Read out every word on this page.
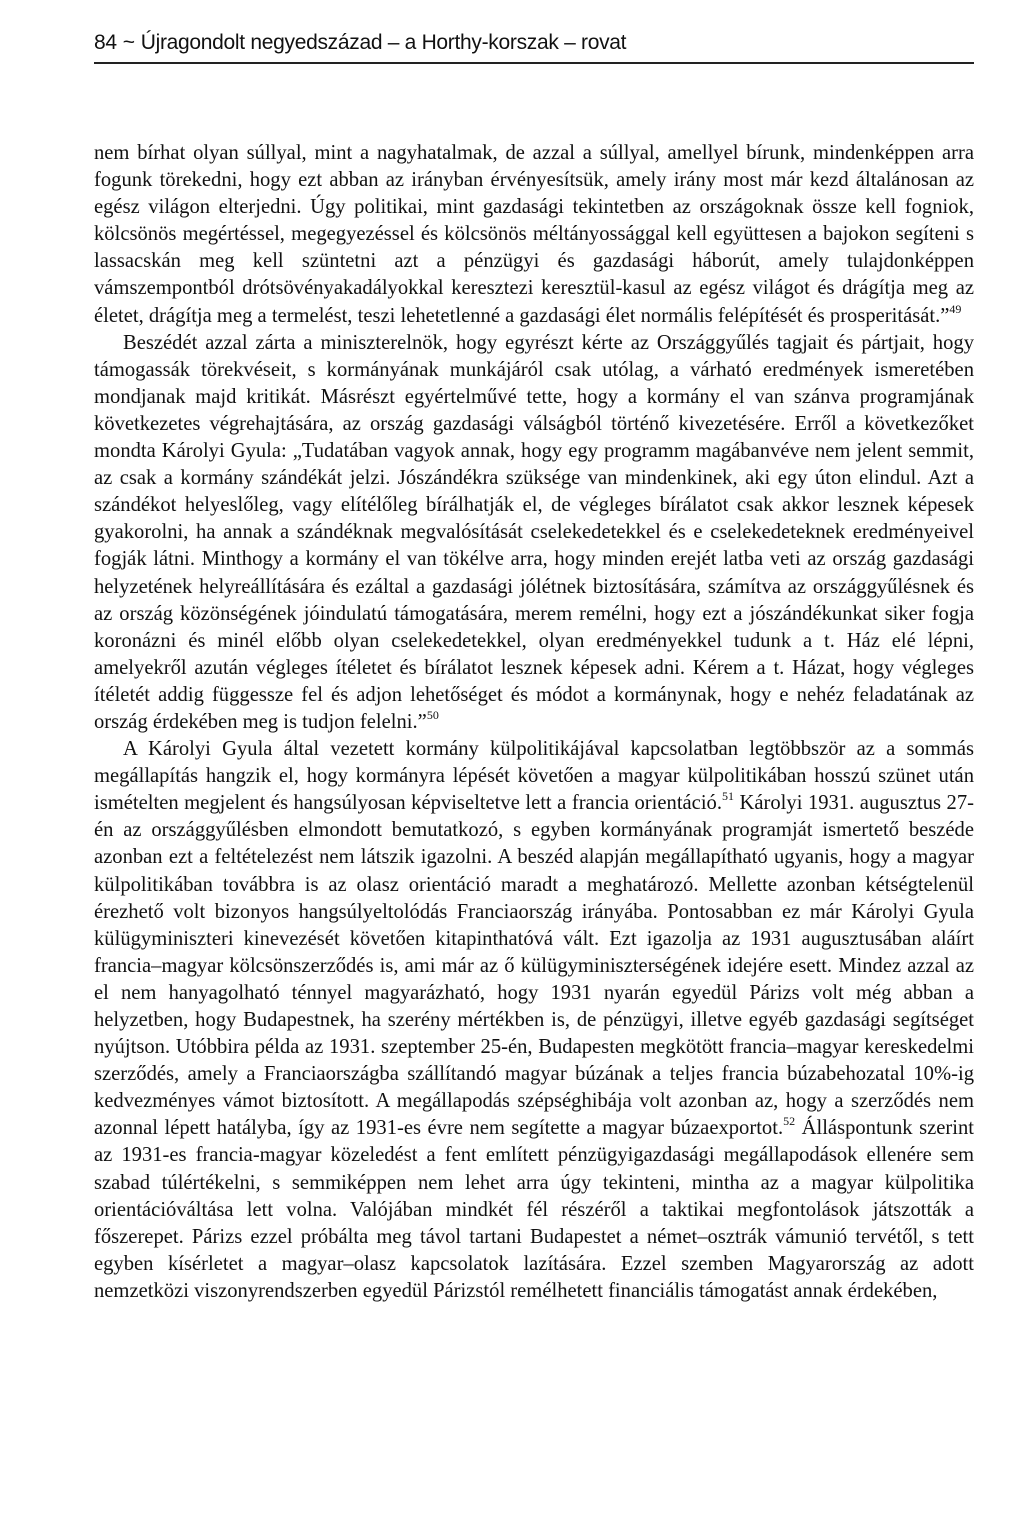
84 ~ Újragondolt negyedszázad – a Horthy-korszak – rovat

nem bírhat olyan súllyal, mint a nagyhatalmak, de azzal a súllyal, amellyel bírunk, mindenképpen arra fogunk törekedni, hogy ezt abban az irányban érvényesítsük, amely irány most már kezd általánosan az egész világon elterjedni. Úgy politikai, mint gazdasági tekintetben az országoknak össze kell fogniok, kölcsönös megértéssel, megegyezéssel és kölcsönös méltányossággal kell együttesen a bajokon segíteni s lassacskán meg kell szüntetni azt a pénzügyi és gazdasági háborút, amely tulajdonképpen vámszempontból drótsövényakadályokkal keresztezi keresztül-kasul az egész világot és drágítja meg az életet, drágítja meg a termelést, teszi lehetetlenné a gazdasági élet normális felépítését és prosperitását.”$^{49}$

Beszédét azzal zárta a miniszterelnök, hogy egyrészt kérte az Országgyűlés tagjait és pártjait, hogy támogassák törekvéseit, s kormányának munkájáról csak utólag, a várható eredmények ismeretében mondjanak majd kritikát. Másrészt egyértelművé tette, hogy a kormány el van szánva programjának következetes végrehajtására, az ország gazdasági válságból történő kivezetésére. Erről a következőket mondta Károlyi Gyula: „Tudatában vagyok annak, hogy egy programm magábanvéve nem jelent semmit, az csak a kormány szándékát jelzi. Jószándékra szüksége van mindenkinek, aki egy úton elindul. Azt a szándékot helyeslőleg, vagy elítélőleg bírálhatják el, de végleges bírálatot csak akkor lesznek képesek gyakorolni, ha annak a szándéknak megvalósítását cselekedetekkel és e cselekedeteknek eredményeivel fogják látni. Minthogy a kormány el van tökélve arra, hogy minden erejét latba veti az ország gazdasági helyzetének helyreállítására és ezáltal a gazdasági jólétnek biztosítására, számítva az országgyűlésnek és az ország közönségének jóindulatú támogatására, merem remélni, hogy ezt a jószándékunkat siker fogja koronázni és minél előbb olyan cselekedetekkel, olyan eredményekkel tudunk a t. Ház elé lépni, amelyekről azután végleges ítéletet és bírálatot lesznek képesek adni. Kérem a t. Házat, hogy végleges ítéletét addig függessze fel és adjon lehetőséget és módot a kormánynak, hogy e nehéz feladatának az ország érdekében meg is tudjon felelni.”$^{50}$

A Károlyi Gyula által vezetett kormány külpolitikájával kapcsolatban legtöbbször az a sommás megállapítás hangzik el, hogy kormányra lépését követően a magyar külpolitikában hosszú szünet után ismételten megjelent és hangsúlyosan képviseltetve lett a francia orientáció.$^{51}$ Károlyi 1931. augusztus 27-én az országgyűlésben elmondott bemutatkozó, s egyben kormányának programját ismertető beszéde azonban ezt a feltételezést nem látszik igazolni. A beszéd alapján megállapítható ugyanis, hogy a magyar külpolitikában továbbra is az olasz orientáció maradt a meghatározó. Mellette azonban kétségtelenül érezhető volt bizonyos hangsúlyeltolódás Franciaország irányába. Pontosabban ez már Károlyi Gyula külügyminiszteri kinevezését követően kitapinthatóvá vált. Ezt igazolja az 1931 augusztusában aláírt francia–magyar kölcsönszerződés is, ami már az ő külügyminiszterségének idejére esett. Mindez azzal az el nem hanyagolható ténnyel magyarázható, hogy 1931 nyarán egyedül Párizs volt még abban a helyzetben, hogy Budapestnek, ha szerény mértékben is, de pénzügyi, illetve egyéb gazdasági segítséget nyújtson. Utóbbira példa az 1931. szeptember 25-én, Budapesten megkötött francia–magyar kereskedelmi szerződés, amely a Franciaországba szállítandó magyar búzának a teljes francia búzabehozatal 10%-ig kedvezményes vámot biztosított. A megállapodás szépséghibája volt azonban az, hogy a szerződés nem azonnal lépett hatályba, így az 1931-es évre nem segítette a magyar búzaexportot.$^{52}$ Álláspontunk szerint az 1931-es francia-magyar közeledést a fent említett pénzügyigazdasági megállapodások ellenére sem szabad túlértékelni, s semmiképpen nem lehet arra úgy tekinteni, mintha az a magyar külpolitika orientációváltása lett volna. Valójában mindkét fél részéről a taktikai megfontolások játszották a főszerepet. Párizs ezzel próbálta meg távol tartani Budapestet a német–osztrák vámunió tervétől, s tett egyben kísérletet a magyar–olasz kapcsolatok lazítására. Ezzel szemben Magyarország az adott nemzetközi viszonyrendszerben egyedül Párizstól remélhetett financiális támogatást annak érdekében,
